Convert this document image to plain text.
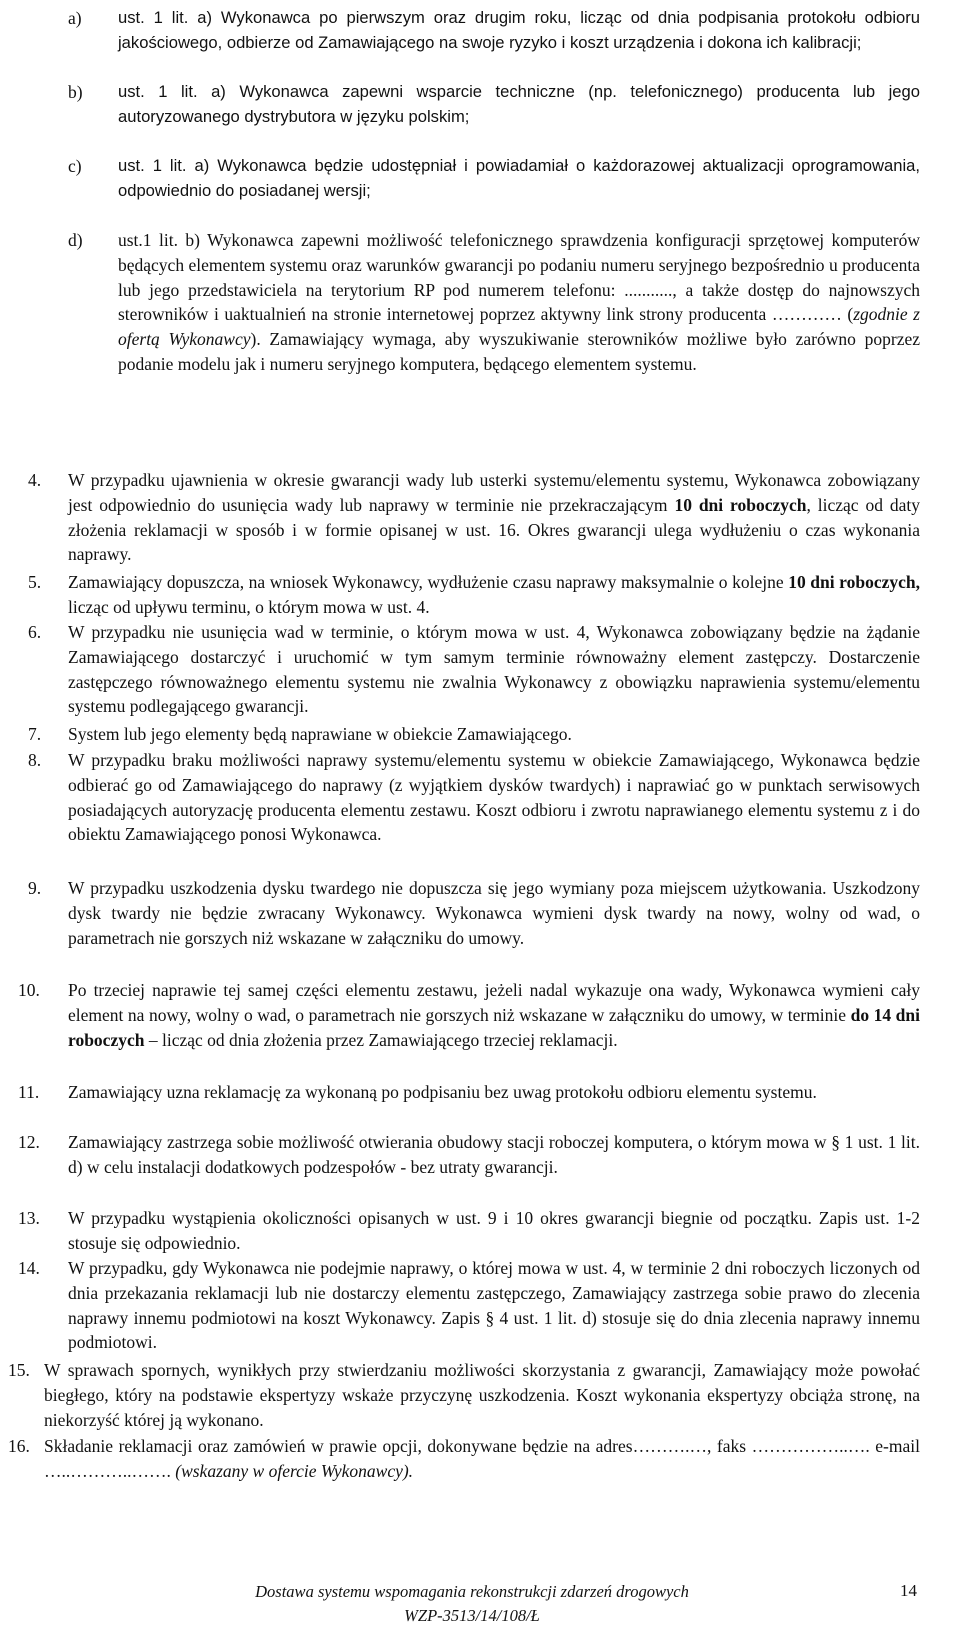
a) ust. 1 lit. a) Wykonawca po pierwszym oraz drugim roku, licząc od dnia podpisania protokołu odbioru jakościowego, odbierze od Zamawiającego na swoje ryzyko i koszt urządzenia i dokona ich kalibracji;
b) ust. 1 lit. a) Wykonawca zapewni wsparcie techniczne (np. telefonicznego) producenta lub jego autoryzowanego dystrybutora w języku polskim;
c) ust. 1 lit. a) Wykonawca będzie udostępniał i powiadamiał o każdorazowej aktualizacji oprogramowania, odpowiednio do posiadanej wersji;
d) ust.1 lit. b) Wykonawca zapewni możliwość telefonicznego sprawdzenia konfiguracji sprzętowej komputerów będących elementem systemu oraz warunków gwarancji po podaniu numeru seryjnego bezpośrednio u producenta lub jego przedstawiciela na terytorium RP pod numerem telefonu: ..........., a także dostęp do najnowszych sterowników i uaktualnień na stronie internetowej poprzez aktywny link strony producenta ………… (zgodnie z ofertą Wykonawcy). Zamawiający wymaga, aby wyszukiwanie sterowników możliwe było zarówno poprzez podanie modelu jak i numeru seryjnego komputera, będącego elementem systemu.
4. W przypadku ujawnienia w okresie gwarancji wady lub usterki systemu/elementu systemu, Wykonawca zobowiązany jest odpowiednio do usunięcia wady lub naprawy w terminie nie przekraczającym 10 dni roboczych, licząc od daty złożenia reklamacji w sposób i w formie opisanej w ust. 16. Okres gwarancji ulega wydłużeniu o czas wykonania naprawy.
5. Zamawiający dopuszcza, na wniosek Wykonawcy, wydłużenie czasu naprawy maksymalnie o kolejne 10 dni roboczych, licząc od upływu terminu, o którym mowa w ust. 4.
6. W przypadku nie usunięcia wad w terminie, o którym mowa w ust. 4, Wykonawca zobowiązany będzie na żądanie Zamawiającego dostarczyć i uruchomić w tym samym terminie równoważny element zastępczy. Dostarczenie zastępczego równoważnego elementu systemu nie zwalnia Wykonawcy z obowiązku naprawienia systemu/elementu systemu podlegającego gwarancji.
7. System lub jego elementy będą naprawiane w obiekcie Zamawiającego.
8. W przypadku braku możliwości naprawy systemu/elementu systemu w obiekcie Zamawiającego, Wykonawca będzie odbierać go od Zamawiającego do naprawy (z wyjątkiem dysków twardych) i naprawiać go w punktach serwisowych posiadających autoryzację producenta elementu zestawu. Koszt odbioru i zwrotu naprawianego elementu systemu z i do obiektu Zamawiającego ponosi Wykonawca.
9. W przypadku uszkodzenia dysku twardego nie dopuszcza się jego wymiany poza miejscem użytkowania. Uszkodzony dysk twardy nie będzie zwracany Wykonawcy. Wykonawca wymieni dysk twardy na nowy, wolny od wad, o parametrach nie gorszych niż wskazane w załączniku do umowy.
10. Po trzeciej naprawie tej samej części elementu zestawu, jeżeli nadal wykazuje ona wady, Wykonawca wymieni cały element na nowy, wolny o wad, o parametrach nie gorszych niż wskazane w załączniku do umowy, w terminie do 14 dni roboczych – licząc od dnia złożenia przez Zamawiającego trzeciej reklamacji.
11. Zamawiający uzna reklamację za wykonaną po podpisaniu bez uwag protokołu odbioru elementu systemu.
12. Zamawiający zastrzega sobie możliwość otwierania obudowy stacji roboczej komputera, o którym mowa w § 1 ust. 1 lit. d) w celu instalacji dodatkowych podzespołów - bez utraty gwarancji.
13. W przypadku wystąpienia okoliczności opisanych w ust. 9 i 10 okres gwarancji biegnie od początku. Zapis ust. 1-2 stosuje się odpowiednio.
14. W przypadku, gdy Wykonawca nie podejmie naprawy, o której mowa w ust. 4, w terminie 2 dni roboczych liczonych od dnia przekazania reklamacji lub nie dostarczy elementu zastępczego, Zamawiający zastrzega sobie prawo do zlecenia naprawy innemu podmiotowi na koszt Wykonawcy. Zapis § 4 ust. 1 lit. d) stosuje się do dnia zlecenia naprawy innemu podmiotowi.
15. W sprawach spornych, wynikłych przy stwierdzaniu możliwości skorzystania z gwarancji, Zamawiający może powołać biegłego, który na podstawie ekspertyzy wskaże przyczynę uszkodzenia. Koszt wykonania ekspertyzy obciąża stronę, na niekorzyść której ją wykonano.
16. Składanie reklamacji oraz zamówień w prawie opcji, dokonywane będzie na adres……….…, faks ……………..…. e-mail …..………..……. (wskazany w ofercie Wykonawcy).
Dostawa systemu wspomagania rekonstrukcji zdarzeń drogowych
WZP-3513/14/108/Ł
14
